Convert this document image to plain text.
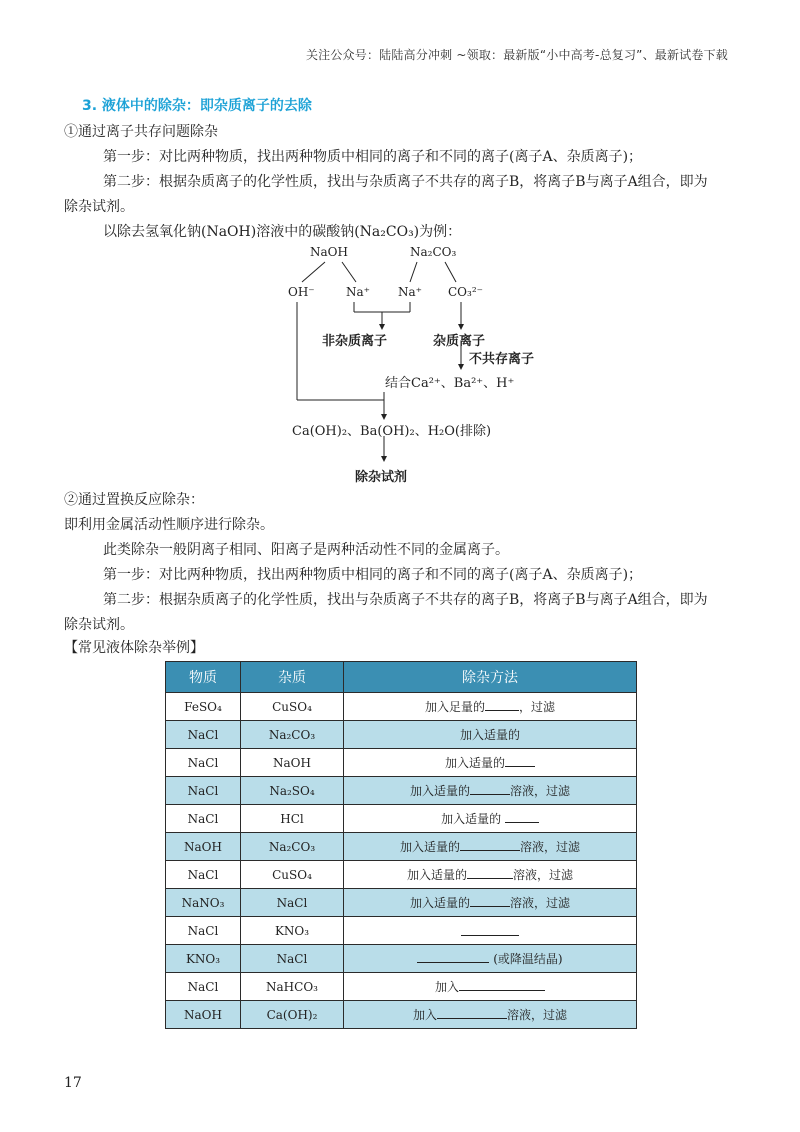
关注公众号：陆陆高分冲刺 ~领取：最新版“小中高考-总复习”、最新试卷下载
3. 液体中的除杂：即杂质离子的去除
①通过离子共存问题除杂
第一步：对比两种物质，找出两种物质中相同的离子和不同的离子(离子A、杂质离子)；
第二步：根据杂质离子的化学性质，找出与杂质离子不共存的离子B，将离子B与离子A组合，即为
除杂试剂。
以除去氢氧化钠(NaOH)溶液中的碳酸钠(Na₂CO₃)为例：
NaOH	Na₂CO₃
OH⁻	Na⁺ Na⁺ CO₃²⁻
非杂质离子	杂质离子
不共存离子
结合Ca²⁺、Ba²⁺、H⁺
Ca(OH)₂、Ba(OH)₂、H₂O(排除)
除杂试剂
②通过置换反应除杂：
即利用金属活动性顺序进行除杂。
此类除杂一般阴离子相同、阳离子是两种活动性不同的金属离子。
第一步：对比两种物质，找出两种物质中相同的离子和不同的离子(离子A、杂质离子)；
第二步：根据杂质离子的化学性质，找出与杂质离子不共存的离子B，将离子B与离子A组合，即为
除杂试剂。
【常见液体除杂举例】
物质	杂质	除杂方法
FeSO₄	CuSO₄	加入足量的 ，过滤
NaCl	Na₂CO₃	加入适量的
NaCl	NaOH	加入适量的
NaCl	Na₂SO₄	加入适量的 溶液，过滤
NaCl	HCl	加入适量的
NaOH	Na₂CO₃	加入适量的 溶液，过滤
NaCl	CuSO₄	加入适量的 溶液，过滤
NaNO₃	NaCl	加入适量的 溶液，过滤
NaCl	KNO₃	
KNO₃	NaCl	(或降温结晶)
NaCl	NaHCO₃	加入
NaOH	Ca(OH)₂	加入 溶液，过滤
17
